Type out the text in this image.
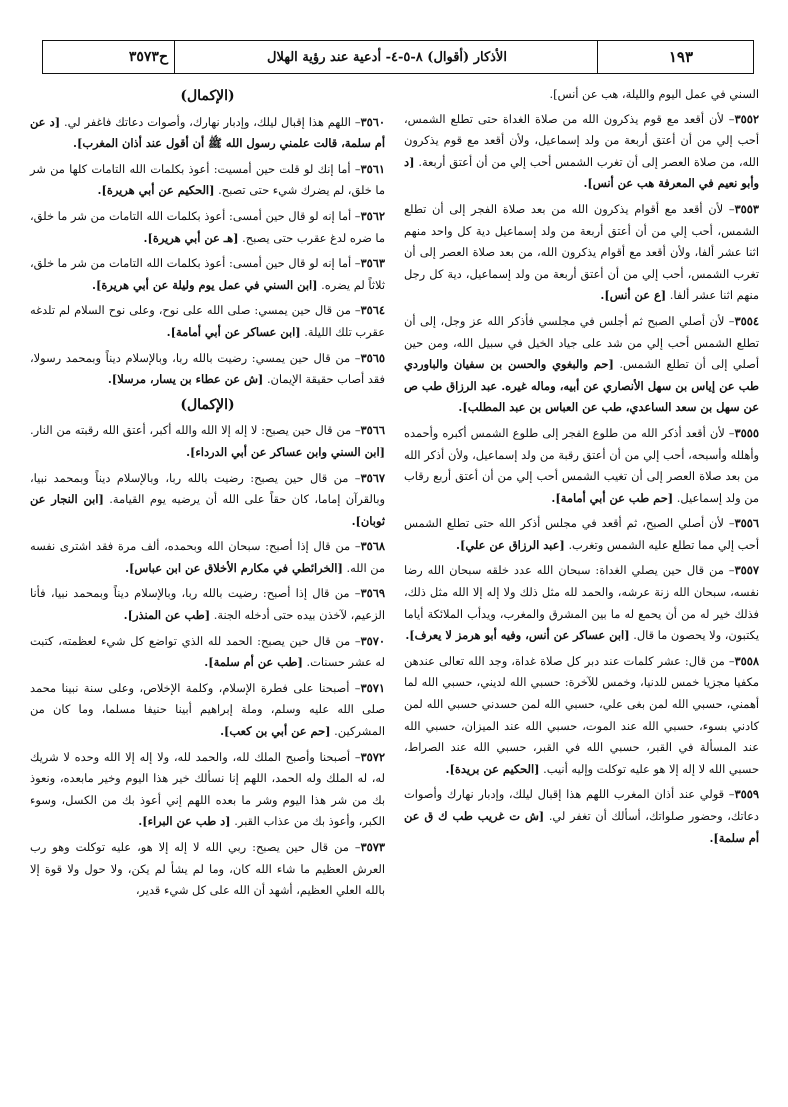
ح٣٥٧٣	الأذكار (أقوال) ٨-٥-٤- أدعية عند رؤية الهلال	١٩٣

السني في عمل اليوم والليلة، هب عن أنس].

٣٥٥٢– لأن أقعد مع قوم يذكرون الله من صلاة الغداة حتى تطلع الشمس، أحب إلي من أن أعتق أربعة من ولد إسماعيل، ولأن أقعد مع قوم يذكرون الله، من صلاة العصر إلى أن تغرب الشمس أحب إلي من أن أعتق أربعة. [د وأبو نعيم في المعرفة هب عن أنس].

٣٥٥٣– لأن أقعد مع أقوام يذكرون الله من بعد صلاة الفجر إلى أن تطلع الشمس، أحب إلي من أن أعتق أربعة من ولد إسماعيل دية كل واحد منهم اثنا عشر ألفا، ولأن أقعد مع أقوام يذكرون الله، من بعد صلاة العصر إلى أن تغرب الشمس، أحب إلي من أن أعتق أربعة من ولد إسماعيل، دية كل رجل منهم اثنا عشر ألفا. [ع عن أنس].

٣٥٥٤– لأن أصلي الصبح ثم أجلس في مجلسي فأذكر الله عز وجل، إلى أن تطلع الشمس أحب إلي من شد على جياد الخيل في سبيل الله، ومن حين أصلي إلى أن تطلع الشمس. [حم والبغوي والحسن بن سفيان والباوردي طب عن إياس بن سهل الأنصاري عن أبيه، وماله غيره. عبد الرزاق طب ص عن سهل بن سعد الساعدي، طب عن العباس بن عبد المطلب].

٣٥٥٥– لأن أقعد أذكر الله من طلوع الفجر إلى طلوع الشمس أكبره وأحمده وأهلله وأسبحه، أحب إلي من أن أعتق رقبة من ولد إسماعيل، ولأن أذكر الله من بعد صلاة العصر إلى أن تغيب الشمس أحب إلي من أن أعتق أربع رقاب من ولد إسماعيل. [حم طب عن أبي أمامة].

٣٥٥٦– لأن أصلي الصبح، ثم أقعد في مجلس أذكر الله حتى تطلع الشمس أحب إلي مما تطلع عليه الشمس وتغرب. [عبد الرزاق عن علي].

٣٥٥٧– من قال حين يصلي الغداة: سبحان الله عدد خلقه سبحان الله رضا نفسه، سبحان الله زنة عرشه، والحمد لله مثل ذلك ولا إله إلا الله مثل ذلك، فذلك خير له من أن يحمع له ما بين المشرق والمغرب، ويدأب الملائكة أياما يكتبون، ولا يحصون ما قال. [ابن عساكر عن أنس، وفيه أبو هرمز لا يعرف].

٣٥٥٨– من قال: عشر كلمات عند دبر كل صلاة غداة، وجد الله تعالى عندهن مكفيا مجزيا خمس للدنيا، وخمس للآخرة: حسبي الله لديني، حسبي الله لما أهمني، حسبي الله لمن بغى علي، حسبي الله لمن حسدني حسبي الله لمن كادني بسوء، حسبي الله عند الموت، حسبي الله عند الميزان، حسبي الله عند المسألة في القبر، حسبي الله في القبر، حسبي الله عند الصراط، حسبي الله لا إله إلا هو عليه توكلت وإليه أنيب. [الحكيم عن بريدة].

٣٥٥٩– قولي عند أذان المغرب اللهم هذا إقبال ليلك، وإدبار نهارك وأصوات دعاتك، وحضور صلواتك، أسألك أن تغفر لي. [ش ت غريب طب ك ق عن أم سلمة].

(الإكمال)

٣٥٦٠– اللهم هذا إقبال ليلك، وإدبار نهارك، وأصوات دعاتك فاغفر لي. [د عن أم سلمة، قالت علمني رسول الله ﷺ أن أقول عند أذان المغرب].

٣٥٦١– أما إنك لو قلت حين أمسيت: أعوذ بكلمات الله التامات كلها من شر ما خلق، لم يضرك شيء حتى تصبح. [الحكيم عن أبي هريرة].

٣٥٦٢– أما إنه لو قال حين أمسى: أعوذ بكلمات الله التامات من شر ما خلق، ما ضره لدغ عقرب حتى يصبح. [هـ عن أبي هريرة].

٣٥٦٣– أما إنه لو قال حين أمسى: أعوذ بكلمات الله التامات من شر ما خلق، ثلاثاً لم يضره. [ابن السني في عمل يوم وليلة عن أبي هريرة].

٣٥٦٤– من قال حين يمسي: صلى الله على نوح، وعلى نوح السلام لم تلدغه عقرب تلك الليلة. [ابن عساكر عن أبي أمامة].

٣٥٦٥– من قال حين يمسي: رضيت بالله ربا، وبالإسلام ديناً وبمحمد رسولا، فقد أصاب حقيقة الإيمان. [ش عن عطاء بن يسار، مرسلا].

(الإكمال)

٣٥٦٦– من قال حين يصبح: لا إله إلا الله والله أكبر، أعتق الله رقبته من النار. [ابن السني وابن عساكر عن أبي الدرداء].

٣٥٦٧– من قال حين يصبح: رضيت بالله ربا، وبالإسلام ديناً وبمحمد نبيا، وبالقرآن إماما، كان حقاً على الله أن يرضيه يوم القيامة. [ابن النجار عن ثوبان].

٣٥٦٨– من قال إذا أصبح: سبحان الله وبحمده، ألف مرة فقد اشترى نفسه من الله. [الخرائطي في مكارم الأخلاق عن ابن عباس].

٣٥٦٩– من قال إذا أصبح: رضيت بالله ربا، وبالإسلام ديناً وبمحمد نبيا، فأنا الزعيم، لآخذن بيده حتى أدخله الجنة. [طب عن المنذر].

٣٥٧٠– من قال حين يصبح: الحمد لله الذي تواضع كل شيء لعظمته، كتبت له عشر حسنات. [طب عن أم سلمة].

٣٥٧١– أصبحنا على فطرة الإسلام، وكلمة الإخلاص، وعلى سنة نبينا محمد صلى الله عليه وسلم، وملة إبراهيم أبينا حنيفا مسلما، وما كان من المشركين. [حم عن أبي بن كعب].

٣٥٧٢– أصبحنا وأصبح الملك لله، والحمد لله، ولا إله إلا الله وحده لا شريك له، له الملك وله الحمد، اللهم إنا نسألك خير هذا اليوم وخير مابعده، ونعوذ بك من شر هذا اليوم وشر ما بعده اللهم إني أعوذ بك من الكسل، وسوء الكبر، وأعوذ بك من عذاب القبر. [د طب عن البراء].

٣٥٧٣– من قال حين يصبح: ربي الله لا إله إلا هو، عليه توكلت وهو رب العرش العظيم ما شاء الله كان، وما لم يشأ لم يكن، ولا حول ولا قوة إلا بالله العلي العظيم، أشهد أن الله على كل شيء قدير،
